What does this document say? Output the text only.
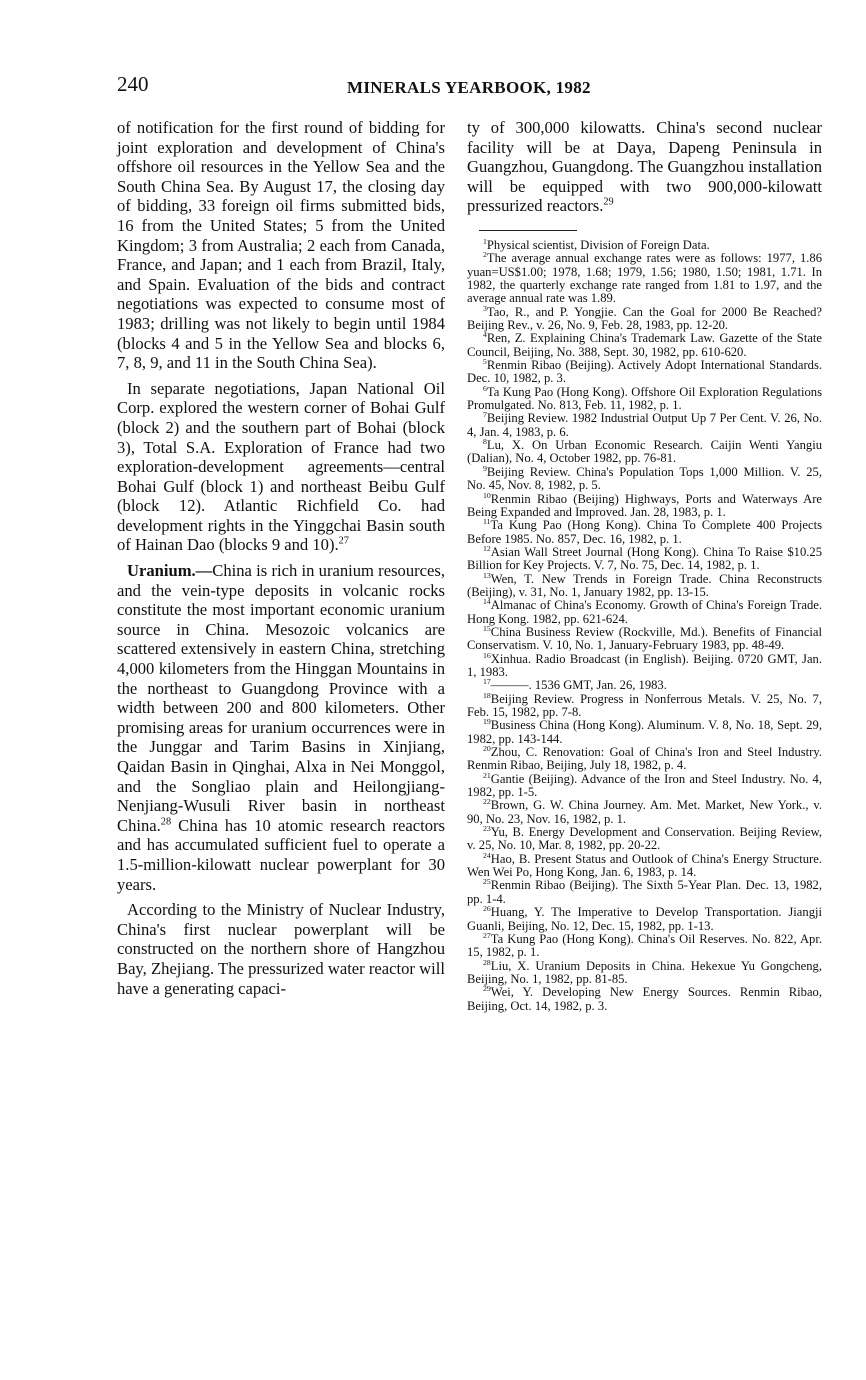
240	MINERALS YEARBOOK, 1982

of notification for the first round of bidding for joint exploration and development of China's offshore oil resources in the Yellow Sea and the South China Sea. By August 17, the closing day of bidding, 33 foreign oil firms submitted bids, 16 from the United States; 5 from the United Kingdom; 3 from Australia; 2 each from Canada, France, and Japan; and 1 each from Brazil, Italy, and Spain. Evaluation of the bids and contract negotiations was expected to consume most of 1983; drilling was not likely to begin until 1984 (blocks 4 and 5 in the Yellow Sea and blocks 6, 7, 8, 9, and 11 in the South China Sea).

In separate negotiations, Japan National Oil Corp. explored the western corner of Bohai Gulf (block 2) and the southern part of Bohai (block 3), Total S.A. Exploration of France had two exploration-development agreements—central Bohai Gulf (block 1) and northeast Beibu Gulf (block 12). Atlantic Richfield Co. had development rights in the Yinggchai Basin south of Hainan Dao (blocks 9 and 10).$^{27}$

Uranium.—China is rich in uranium resources, and the vein-type deposits in volcanic rocks constitute the most important economic uranium source in China. Mesozoic volcanics are scattered extensively in eastern China, stretching 4,000 kilometers from the Hinggan Mountains in the northeast to Guangdong Province with a width between 200 and 800 kilometers. Other promising areas for uranium occurrences were in the Junggar and Tarim Basins in Xinjiang, Qaidan Basin in Qinghai, Alxa in Nei Monggol, and the Songliao plain and Heilongjiang-Nenjiang-Wusuli River basin in northeast China.$^{28}$ China has 10 atomic research reactors and has accumulated sufficient fuel to operate a 1.5-million-kilowatt nuclear powerplant for 30 years.

According to the Ministry of Nuclear Industry, China's first nuclear powerplant will be constructed on the northern shore of Hangzhou Bay, Zhejiang. The pressurized water reactor will have a generating capaci-

ty of 300,000 kilowatts. China's second nuclear facility will be at Daya, Dapeng Peninsula in Guangzhou, Guangdong. The Guangzhou installation will be equipped with two 900,000-kilowatt pressurized reactors.$^{29}$

$^1$Physical scientist, Division of Foreign Data.

$^2$The average annual exchange rates were as follows: 1977, 1.86 yuan=US$1.00; 1978, 1.68; 1979, 1.56; 1980, 1.50; 1981, 1.71. In 1982, the quarterly exchange rate ranged from 1.81 to 1.97, and the average annual rate was 1.89.

$^3$Tao, R., and P. Yongjie. Can the Goal for 2000 Be Reached? Beijing Rev., v. 26, No. 9, Feb. 28, 1983, pp. 12-20.

$^4$Ren, Z. Explaining China's Trademark Law. Gazette of the State Council, Beijing, No. 388, Sept. 30, 1982, pp. 610-620.

$^5$Renmin Ribao (Beijing). Actively Adopt International Standards. Dec. 10, 1982, p. 3.

$^6$Ta Kung Pao (Hong Kong). Offshore Oil Exploration Regulations Promulgated. No. 813, Feb. 11, 1982, p. 1.

$^7$Beijing Review. 1982 Industrial Output Up 7 Per Cent. V. 26, No. 4, Jan. 4, 1983, p. 6.

$^8$Lu, X. On Urban Economic Research. Caijin Wenti Yangiu (Dalian), No. 4, October 1982, pp. 76-81.

$^9$Beijing Review. China's Population Tops 1,000 Million. V. 25, No. 45, Nov. 8, 1982, p. 5.

$^{10}$Renmin Ribao (Beijing) Highways, Ports and Waterways Are Being Expanded and Improved. Jan. 28, 1983, p. 1.

$^{11}$Ta Kung Pao (Hong Kong). China To Complete 400 Projects Before 1985. No. 857, Dec. 16, 1982, p. 1.

$^{12}$Asian Wall Street Journal (Hong Kong). China To Raise $10.25 Billion for Key Projects. V. 7, No. 75, Dec. 14, 1982, p. 1.

$^{13}$Wen, T. New Trends in Foreign Trade. China Reconstructs (Beijing), v. 31, No. 1, January 1982, pp. 13-15.

$^{14}$Almanac of China's Economy. Growth of China's Foreign Trade. Hong Kong. 1982, pp. 621-624.

$^{15}$China Business Review (Rockville, Md.). Benefits of Financial Conservatism. V. 10, No. 1, January-February 1983, pp. 48-49.

$^{16}$Xinhua. Radio Broadcast (in English). Beijing. 0720 GMT, Jan. 1, 1983.

$^{17}$———. 1536 GMT, Jan. 26, 1983.

$^{18}$Beijing Review. Progress in Nonferrous Metals. V. 25, No. 7, Feb. 15, 1982, pp. 7-8.

$^{19}$Business China (Hong Kong). Aluminum. V. 8, No. 18, Sept. 29, 1982, pp. 143-144.

$^{20}$Zhou, C. Renovation: Goal of China's Iron and Steel Industry. Renmin Ribao, Beijing, July 18, 1982, p. 4.

$^{21}$Gantie (Beijing). Advance of the Iron and Steel Industry. No. 4, 1982, pp. 1-5.

$^{22}$Brown, G. W. China Journey. Am. Met. Market, New York., v. 90, No. 23, Nov. 16, 1982, p. 1.

$^{23}$Yu, B. Energy Development and Conservation. Beijing Review, v. 25, No. 10, Mar. 8, 1982, pp. 20-22.

$^{24}$Hao, B. Present Status and Outlook of China's Energy Structure. Wen Wei Po, Hong Kong, Jan. 6, 1983, p. 14.

$^{25}$Renmin Ribao (Beijing). The Sixth 5-Year Plan. Dec. 13, 1982, pp. 1-4.

$^{26}$Huang, Y. The Imperative to Develop Transportation. Jiangji Guanli, Beijing, No. 12, Dec. 15, 1982, pp. 1-13.

$^{27}$Ta Kung Pao (Hong Kong). China's Oil Reserves. No. 822, Apr. 15, 1982, p. 1.

$^{28}$Liu, X. Uranium Deposits in China. Hekexue Yu Gongcheng, Beijing, No. 1, 1982, pp. 81-85.

$^{29}$Wei, Y. Developing New Energy Sources. Renmin Ribao, Beijing, Oct. 14, 1982, p. 3.
